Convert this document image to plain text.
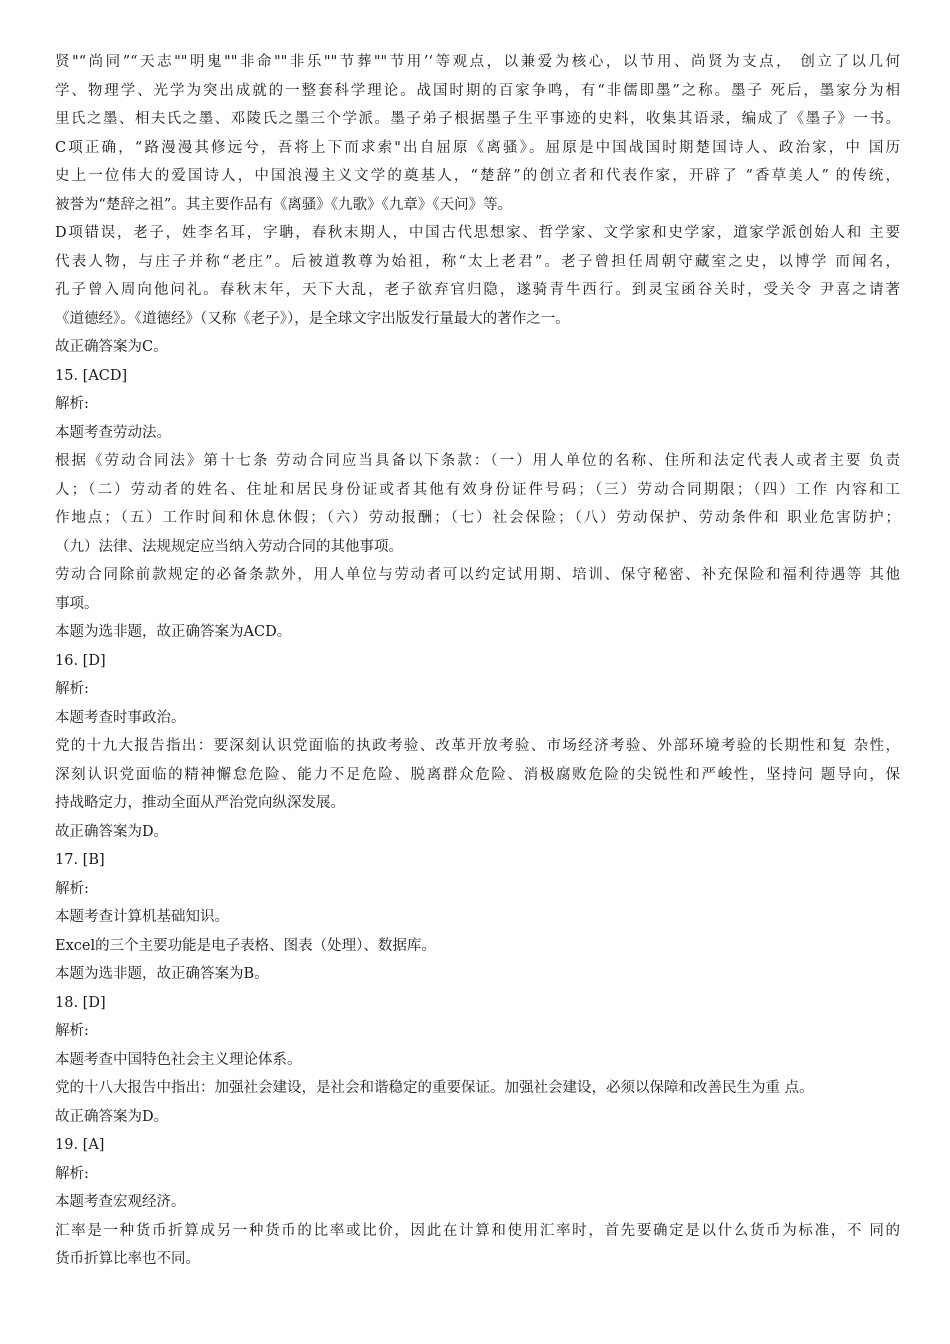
贤"“尚同”“天志""明鬼""非命""非乐""节葬""节用’‘等观点，以兼爱为核心，以节用、尚贤为支点， 创立了以几何
学、物理学、光学为突出成就的一整套科学理论。战国时期的百家争鸣，有“非儒即墨”之称。墨子 死后，墨家分为相
里氏之墨、相夫氏之墨、邓陵氏之墨三个学派。墨子弟子根据墨子生平事迹的史料，收集其语录，编成了《墨子》一书。
C项正确，“路漫漫其修远兮，吾将上下而求索"出自屈原《离骚》。屈原是中国战国时期楚国诗人、政治家，中 国历
史上一位伟大的爱国诗人，中国浪漫主义文学的奠基人，“楚辞”的创立者和代表作家，开辟了 “香草美人” 的传统，
被誉为“楚辞之祖”。其主要作品有《离骚》《九歌》《九章》《天问》等。
D项错误，老子，姓李名耳，字聃，春秋末期人，中国古代思想家、哲学家、文学家和史学家，道家学派创始人和 主要
代表人物，与庄子并称“老庄”。后被道教尊为始祖，称“太上老君”。老子曾担任周朝守藏室之史，以博学 而闻名，
孔子曾入周向他问礼。春秋末年，天下大乱，老子欲弃官归隐，遂骑青牛西行。到灵宝函谷关时，受关令 尹喜之请著
《道德经》。《道德经》（又称《老子》），是全球文字出版发行量最大的著作之一。
故正确答案为C。
15. [ACD]
解析:
本题考查劳动法。
根据《劳动合同法》第十七条 劳动合同应当具备以下条款：（一）用人单位的名称、住所和法定代表人或者主要 负责
人；（二）劳动者的姓名、住址和居民身份证或者其他有效身份证件号码；（三）劳动合同期限；（四）工作 内容和工
作地点；（五）工作时间和休息休假；（六）劳动报酬；（七）社会保险；（八）劳动保护、劳动条件和 职业危害防护；
（九）法律、法规规定应当纳入劳动合同的其他事项。
劳动合同除前款规定的必备条款外，用人单位与劳动者可以约定试用期、培训、保守秘密、补充保险和福利待遇等 其他
事项。
本题为选非题，故正确答案为ACD。
16. [D]
解析:
本题考查时事政治。
党的十九大报告指出：要深刻认识党面临的执政考验、改革开放考验、市场经济考验、外部环境考验的长期性和复 杂性，
深刻认识党面临的精神懈怠危险、能力不足危险、脱离群众危险、消极腐败危险的尖锐性和严峻性，坚持问 题导向，保
持战略定力，推动全面从严治党向纵深发展。
故正确答案为D。
17. [B]
解析:
本题考查计算机基础知识。
Excel的三个主要功能是电子表格、图表（处理）、数据库。
本题为选非题，故正确答案为B。
18. [D]
解析:
本题考查中国特色社会主义理论体系。
党的十八大报告中指出：加强社会建设，是社会和谐稳定的重要保证。加强社会建设，必须以保障和改善民生为重 点。
故正确答案为D。
19. [A]
解析:
本题考查宏观经济。
汇率是一种货币折算成另一种货币的比率或比价，因此在计算和使用汇率时，首先要确定是以什么货币为标准，不 同的
货币折算比率也不同。
